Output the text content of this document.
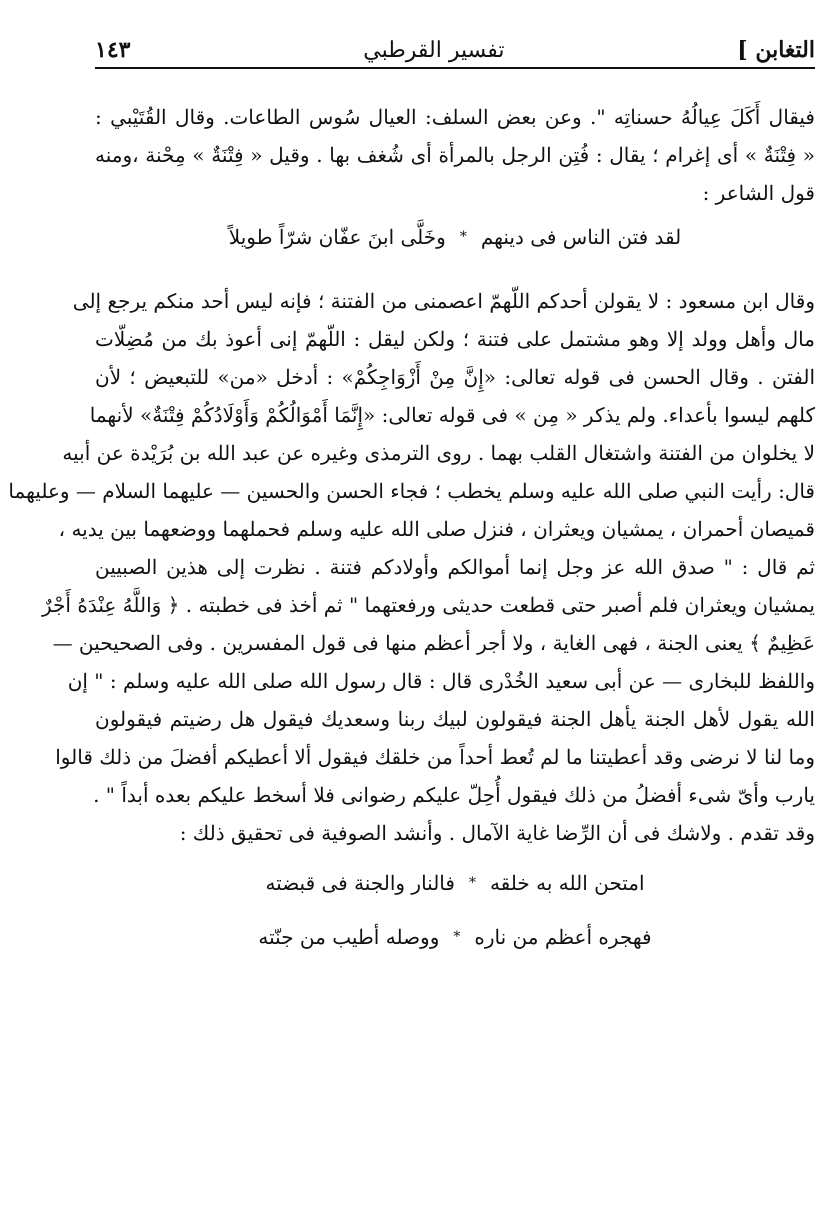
التغابن ]
تفسير القرطبي
١٤٣
فيقال أَكَلَ عِيالُهُ حسناتِه ". وعن بعض السلف: العيال سُوس الطاعات. وقال القُتَيْبي :
« فِتْنَةٌ » أى إغرام ؛ يقال : فُتِن الرجل بالمرأة أى شُغف بها . وقيل « فِتْنَةٌ » مِحْنة ،ومنه
قول الشاعر :
لقد فتن الناس فى دينهم
*
وخَلَّى ابنَ عفّان شرّاً طويلاً
وقال ابن مسعود : لا يقولن أحدكم اللّهمّ اعصمنى من الفتنة ؛ فإنه ليس أحد منكم يرجع إلى
مال وأهل وولد إلا وهو مشتمل على فتنة ؛ ولكن ليقل : اللّهمّ إنى أعوذ بك من مُضِلّات
الفتن . وقال الحسن فى قوله تعالى: «إِنَّ مِنْ أَزْوَاجِكُمْ» : أدخل «من» للتبعيض ؛ لأن
كلهم ليسوا بأعداء. ولم يذكر « مِن » فى قوله تعالى: «إِنَّمَا أَمْوَالُكُمْ وَأَوْلَادُكُمْ فِتْنَةٌ» لأنهما
لا يخلوان من الفتنة واشتغال القلب بهما . روى الترمذى وغيره عن عبد الله بن بُرَيْدة عن أبيه
قال: رأيت النبي صلى الله عليه وسلم يخطب ؛ فجاء الحسن والحسين — عليهما السلام — وعليهما
قميصان أحمران ، يمشيان ويعثران ، فنزل صلى الله عليه وسلم فحملهما ووضعهما بين يديه ،
ثم قال : " صدق الله عز وجل إنما أموالكم وأولادكم فتنة . نظرت إلى هذين الصبيين
يمشيان ويعثران فلم أصبر حتى قطعت حديثى ورفعتهما " ثم أخذ فى خطبته . ﴿ وَاللَّهُ عِنْدَهُ أَجْرٌ
عَظِيمٌ ﴾ يعنى الجنة ، فهى الغاية ، ولا أجر أعظم منها فى قول المفسرين . وفى الصحيحين —
واللفظ للبخارى — عن أبى سعيد الخُدْرى قال : قال رسول الله صلى الله عليه وسلم : " إن
الله يقول لأهل الجنة يأهل الجنة فيقولون لبيك ربنا وسعديك فيقول هل رضيتم فيقولون
وما لنا لا نرضى وقد أعطيتنا ما لم تُعط أحداً من خلقك فيقول ألا أعطيكم أفضلَ من ذلك قالوا
يارب وأىّ شىء أفضلُ من ذلك فيقول أُحِلّ عليكم رضوانى فلا أسخط عليكم بعده أبداً " .
وقد تقدم . ولاشك فى أن الرِّضا غاية الآمال . وأنشد الصوفية فى تحقيق ذلك :
امتحن الله به خلقه
*
فالنار والجنة فى قبضته
فهجره أعظم من ناره
*
ووصله أطيب من جنّته
